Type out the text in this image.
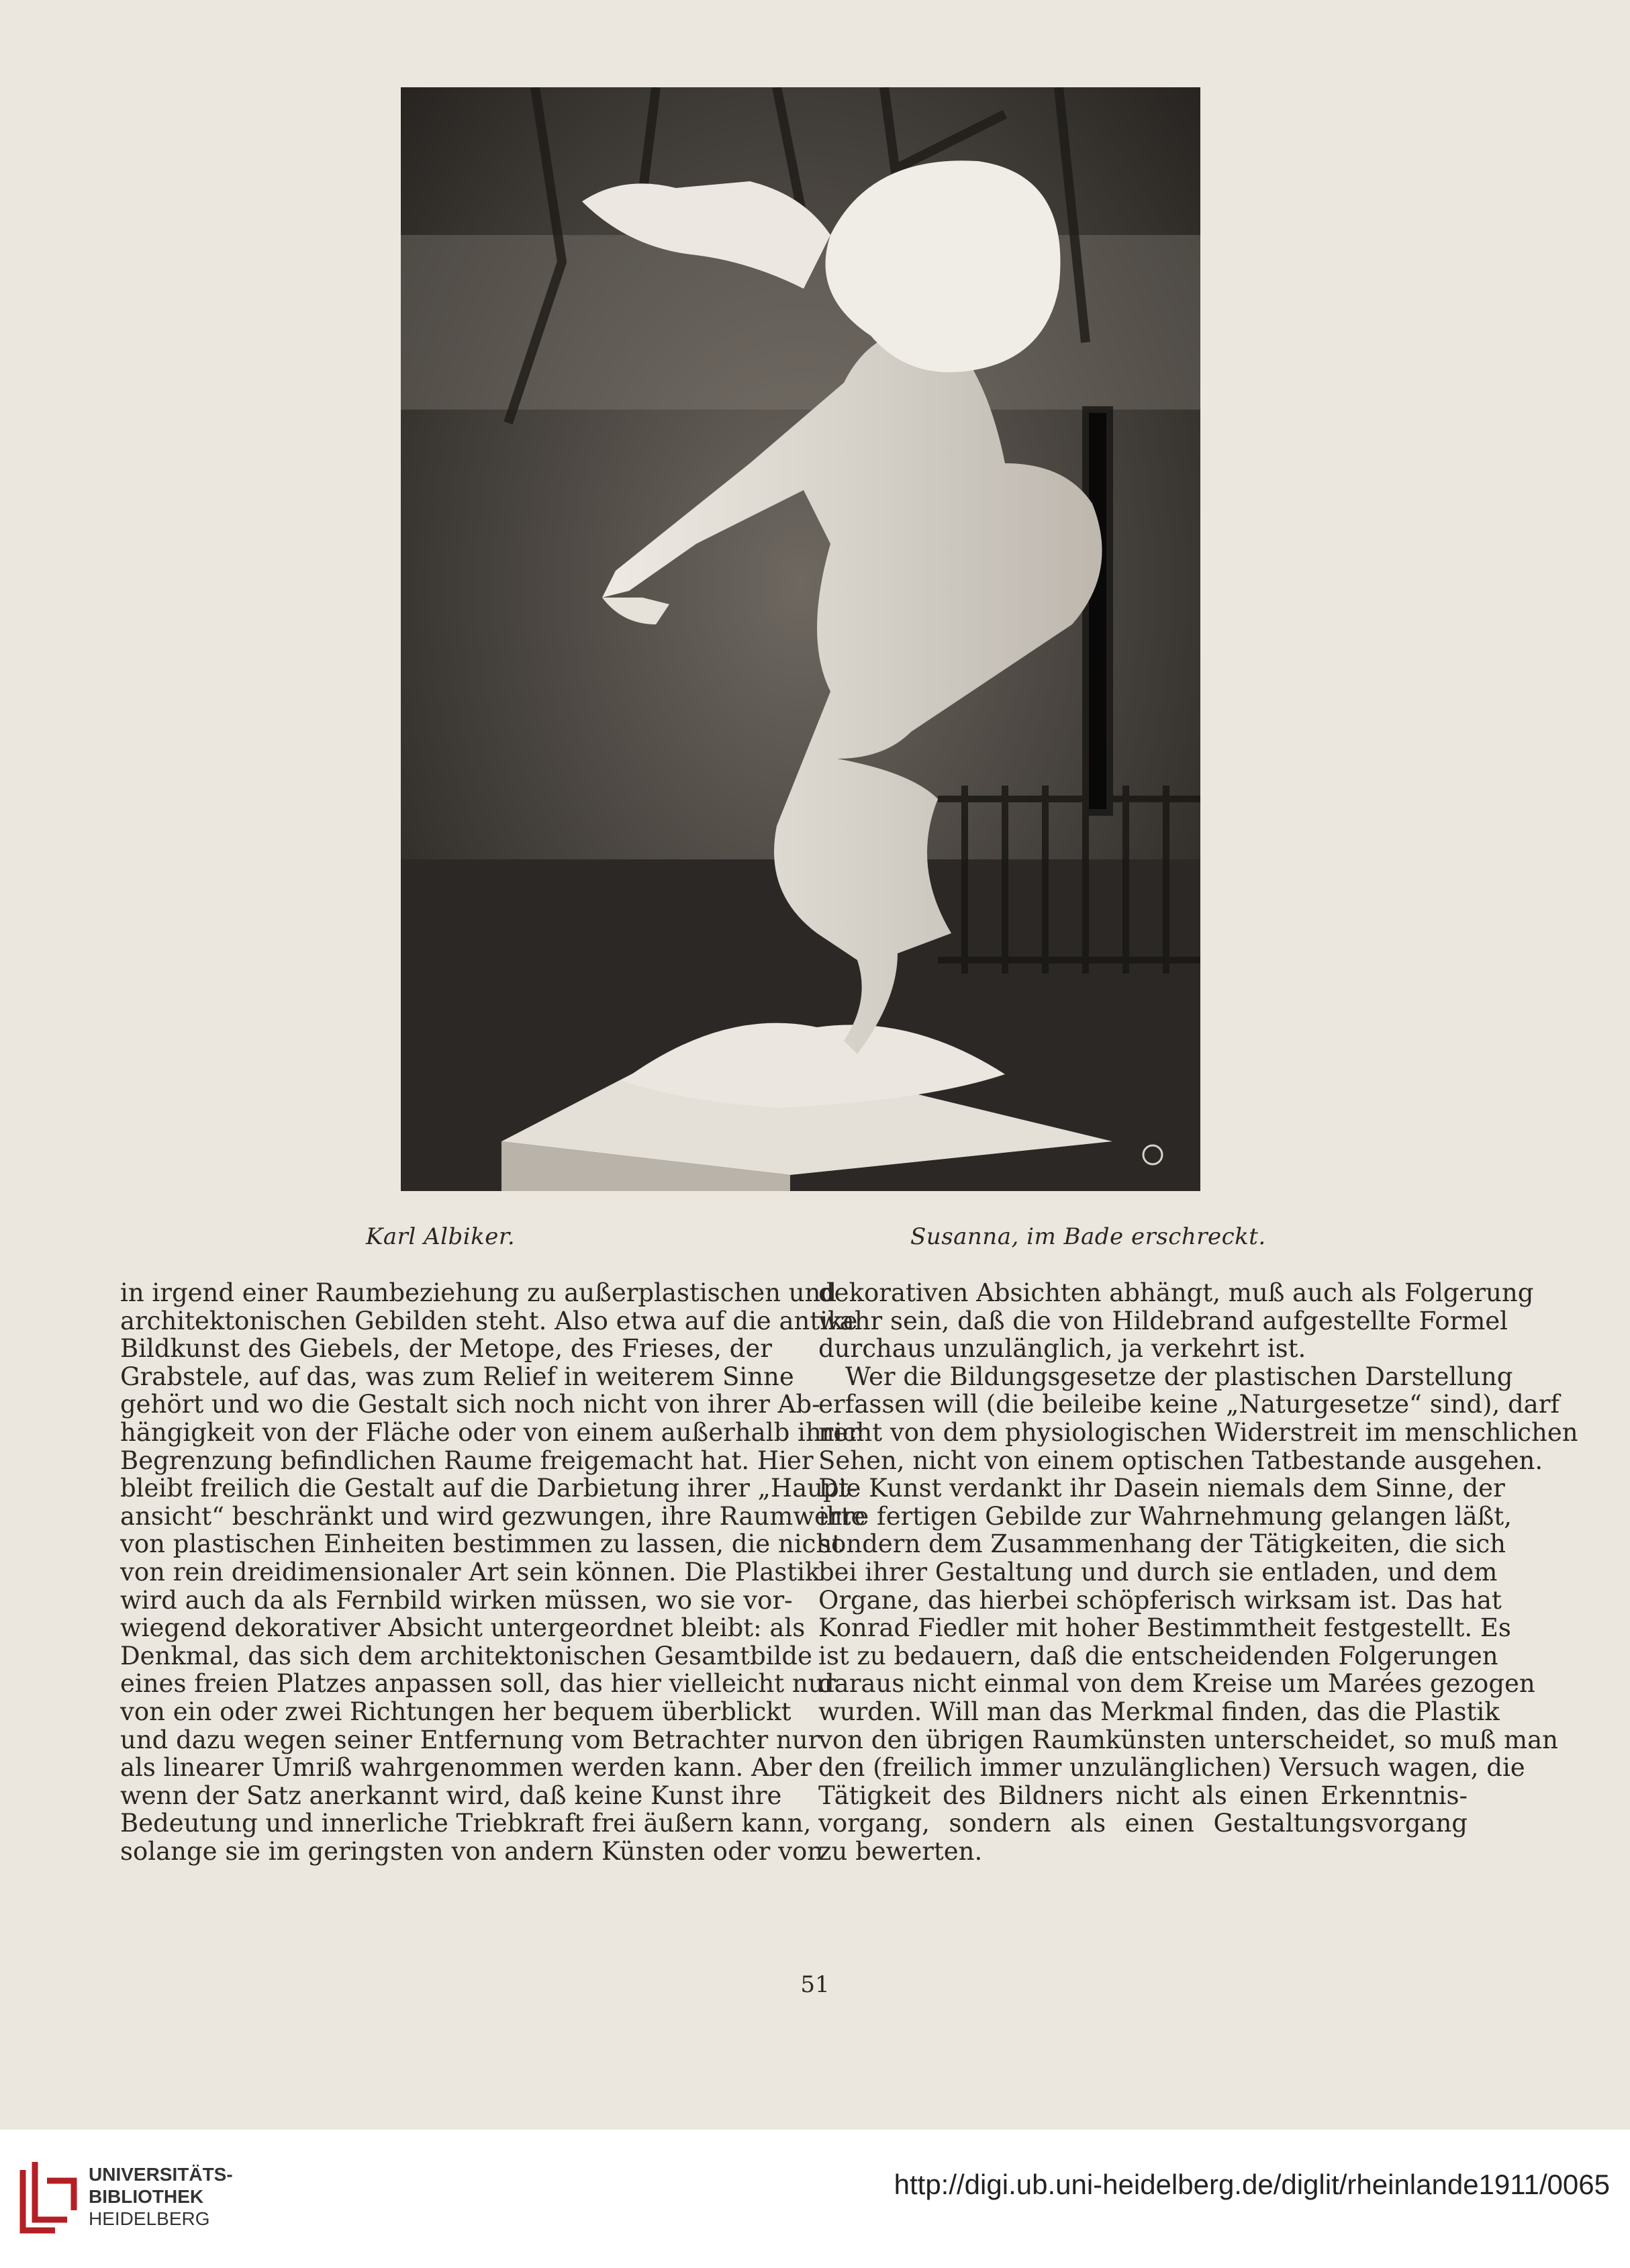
Karl Albiker.	Susanna, im Bade erschreckt.
in irgend einer Raumbeziehung zu außerplastischen und
architektonischen Gebilden steht. Also etwa auf die antike
Bildkunst des Giebels, der Metope, des Frieses, der
Grabstele, auf das, was zum Relief in weiterem Sinne
gehört und wo die Gestalt sich noch nicht von ihrer Ab-
hängigkeit von der Fläche oder von einem außerhalb ihrer
Begrenzung befindlichen Raume freigemacht hat. Hier
bleibt freilich die Gestalt auf die Darbietung ihrer „Haupt-
ansicht“ beschränkt und wird gezwungen, ihre Raumwerte
von plastischen Einheiten bestimmen zu lassen, die nicht
von rein dreidimensionaler Art sein können. Die Plastik
wird auch da als Fernbild wirken müssen, wo sie vor-
wiegend dekorativer Absicht untergeordnet bleibt: als
Denkmal, das sich dem architektonischen Gesamtbilde
eines freien Platzes anpassen soll, das hier vielleicht nur
von ein oder zwei Richtungen her bequem überblickt
und dazu wegen seiner Entfernung vom Betrachter nur
als linearer Umriß wahrgenommen werden kann. Aber
wenn der Satz anerkannt wird, daß keine Kunst ihre
Bedeutung und innerliche Triebkraft frei äußern kann,
solange sie im geringsten von andern Künsten oder von
dekorativen Absichten abhängt, muß auch als Folgerung
wahr sein, daß die von Hildebrand aufgestellte Formel
durchaus unzulänglich, ja verkehrt ist.
Wer die Bildungsgesetze der plastischen Darstellung
erfassen will (die beileibe keine „Naturgesetze“ sind), darf
nicht von dem physiologischen Widerstreit im menschlichen
Sehen, nicht von einem optischen Tatbestande ausgehen.
Die Kunst verdankt ihr Dasein niemals dem Sinne, der
ihre fertigen Gebilde zur Wahrnehmung gelangen läßt,
sondern dem Zusammenhang der Tätigkeiten, die sich
bei ihrer Gestaltung und durch sie entladen, und dem
Organe, das hierbei schöpferisch wirksam ist. Das hat
Konrad Fiedler mit hoher Bestimmtheit festgestellt. Es
ist zu bedauern, daß die entscheidenden Folgerungen
daraus nicht einmal von dem Kreise um Marées gezogen
wurden. Will man das Merkmal finden, das die Plastik
von den übrigen Raumkünsten unterscheidet, so muß man
den (freilich immer unzulänglichen) Versuch wagen, die
Tätigkeit des Bildners nicht als einen Erkenntnis-
vorgang, sondern als einen Gestaltungsvorgang
zu bewerten.
51
UNIVERSITÄTS-
BIBLIOTHEK
HEIDELBERG
http://digi.ub.uni-heidelberg.de/diglit/rheinlande1911/0065
